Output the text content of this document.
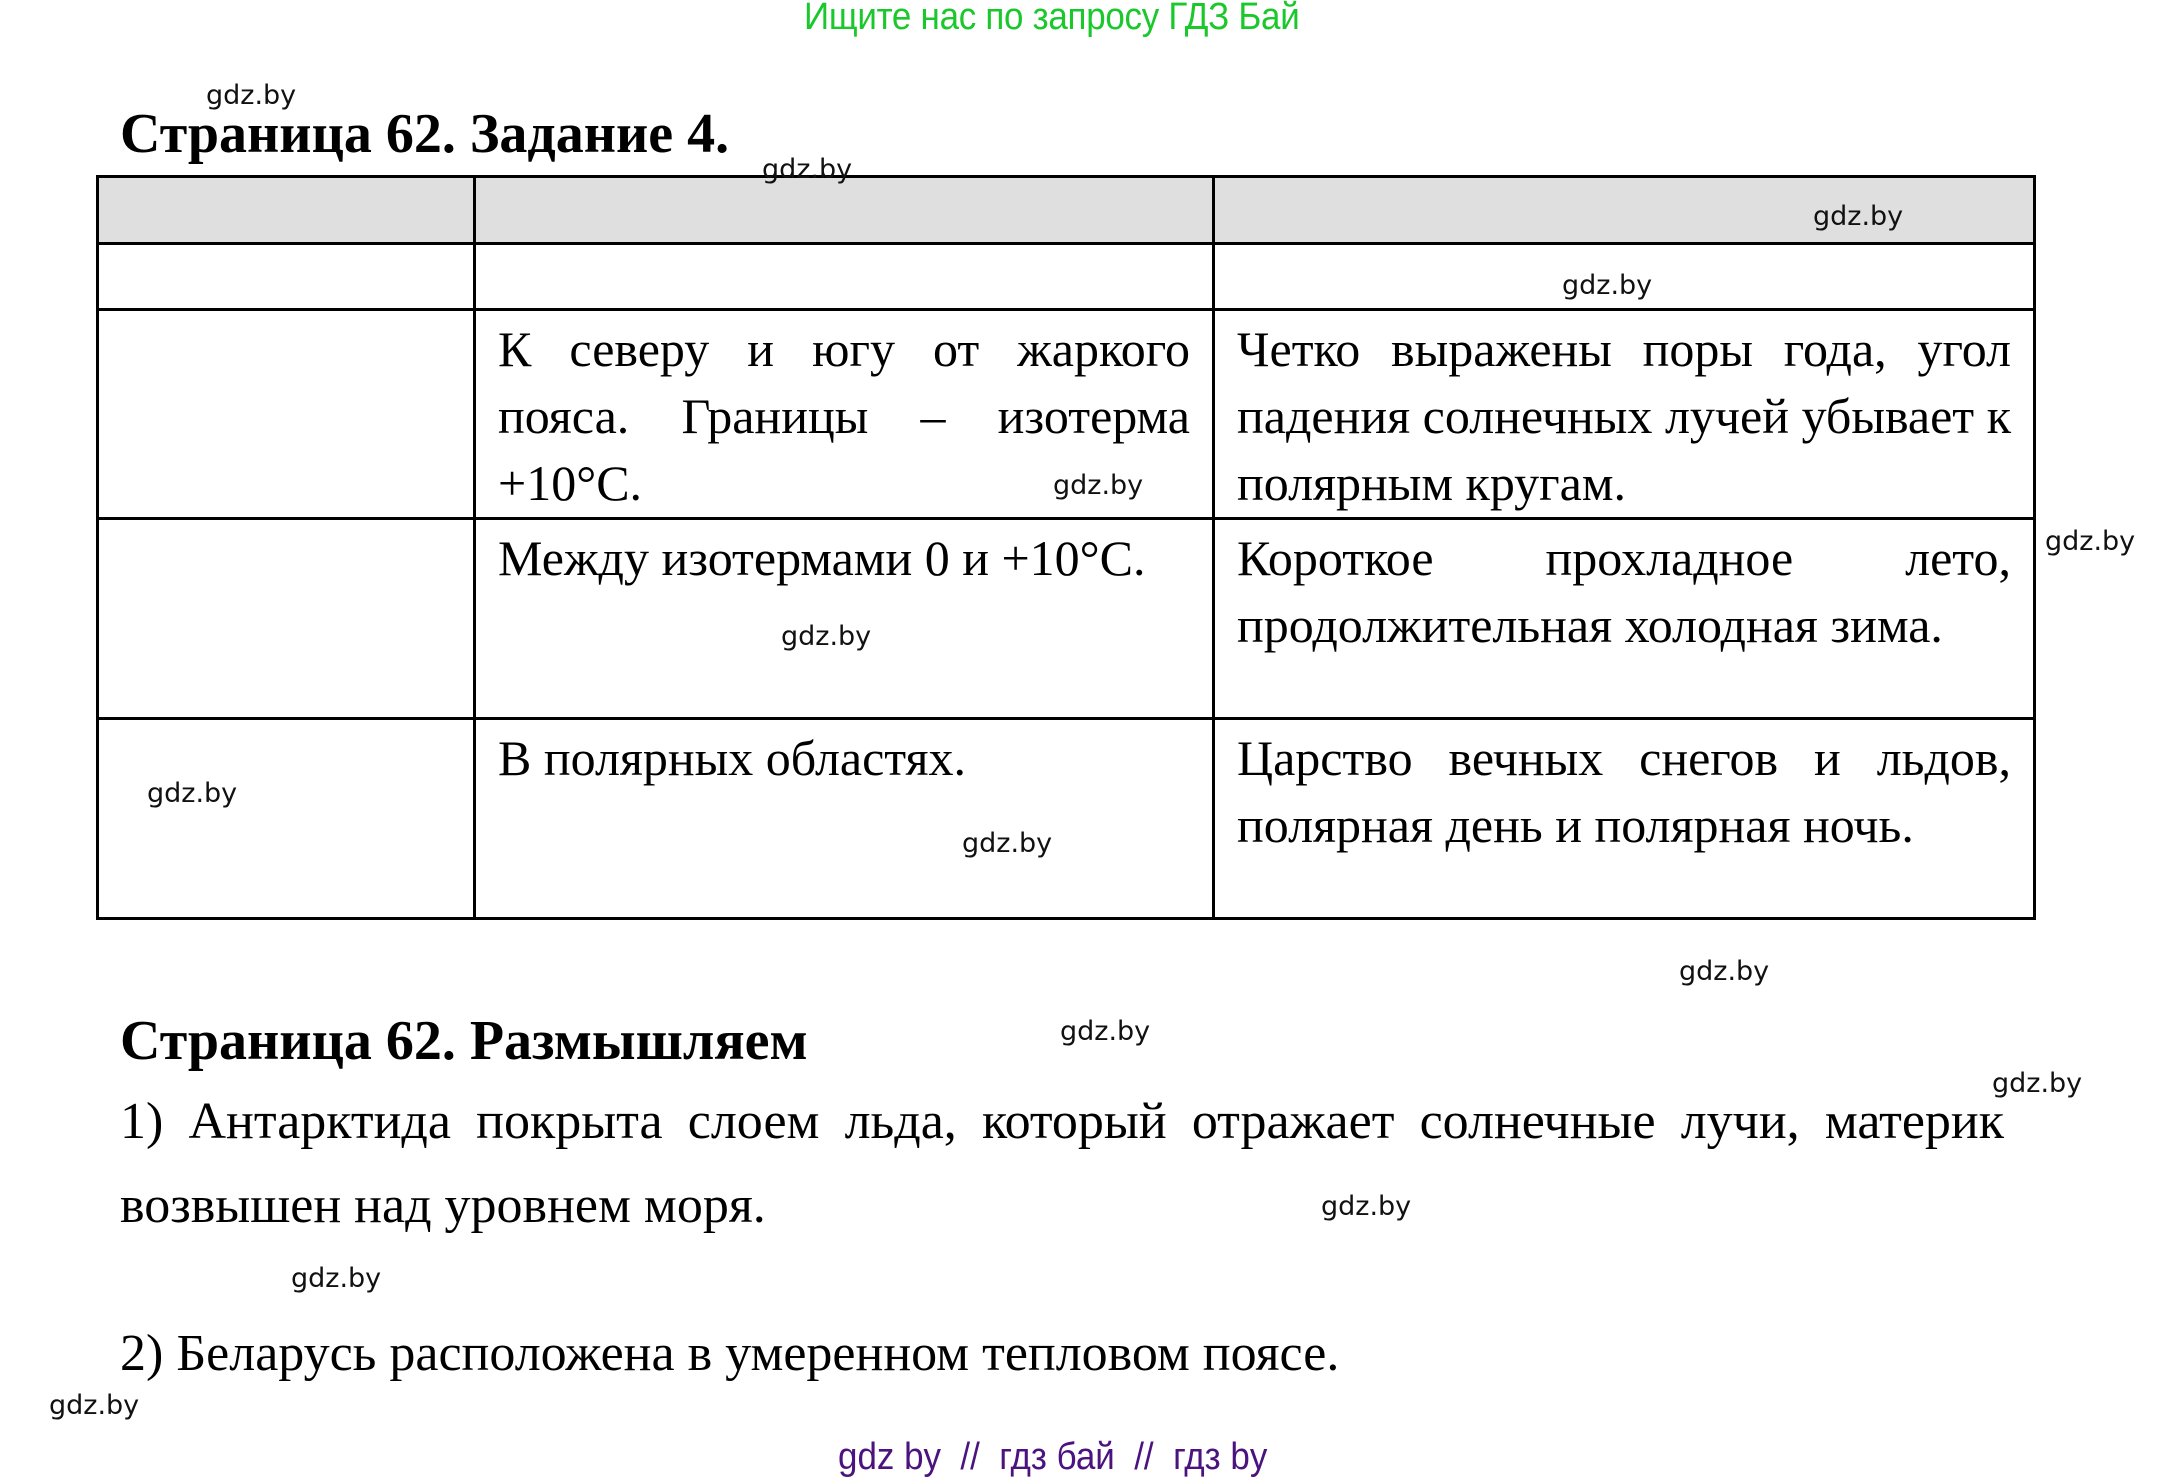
Ищите нас по запросу ГДЗ Бай
Страница 62. Задание 4.

	К северу и югу от жаркого пояса. Границы – изотерма +10°С.	Четко выражены поры года, угол падения солнечных лучей убывает к полярным кругам.

	Между изотермами 0 и +10°С.	Короткое прохладное лето, продолжительная холодная зима.

	В полярных областях.	Царство вечных снегов и льдов, полярная день и полярная ночь.
Страница 62. Размышляем
1) Антарктида покрыта слоем льда, который отражает солнечные лучи, материк возвышен над уровнем моря.
2) Беларусь расположена в умеренном тепловом поясе.
gdz.by
gdz.by
gdz.by
gdz.by
gdz.by
gdz.by
gdz.by
gdz.by
gdz.by
gdz.by
gdz.by
gdz.by
gdz.by
gdz.by
gdz.by
gdz by  //  гдз бай  //  гдз by
